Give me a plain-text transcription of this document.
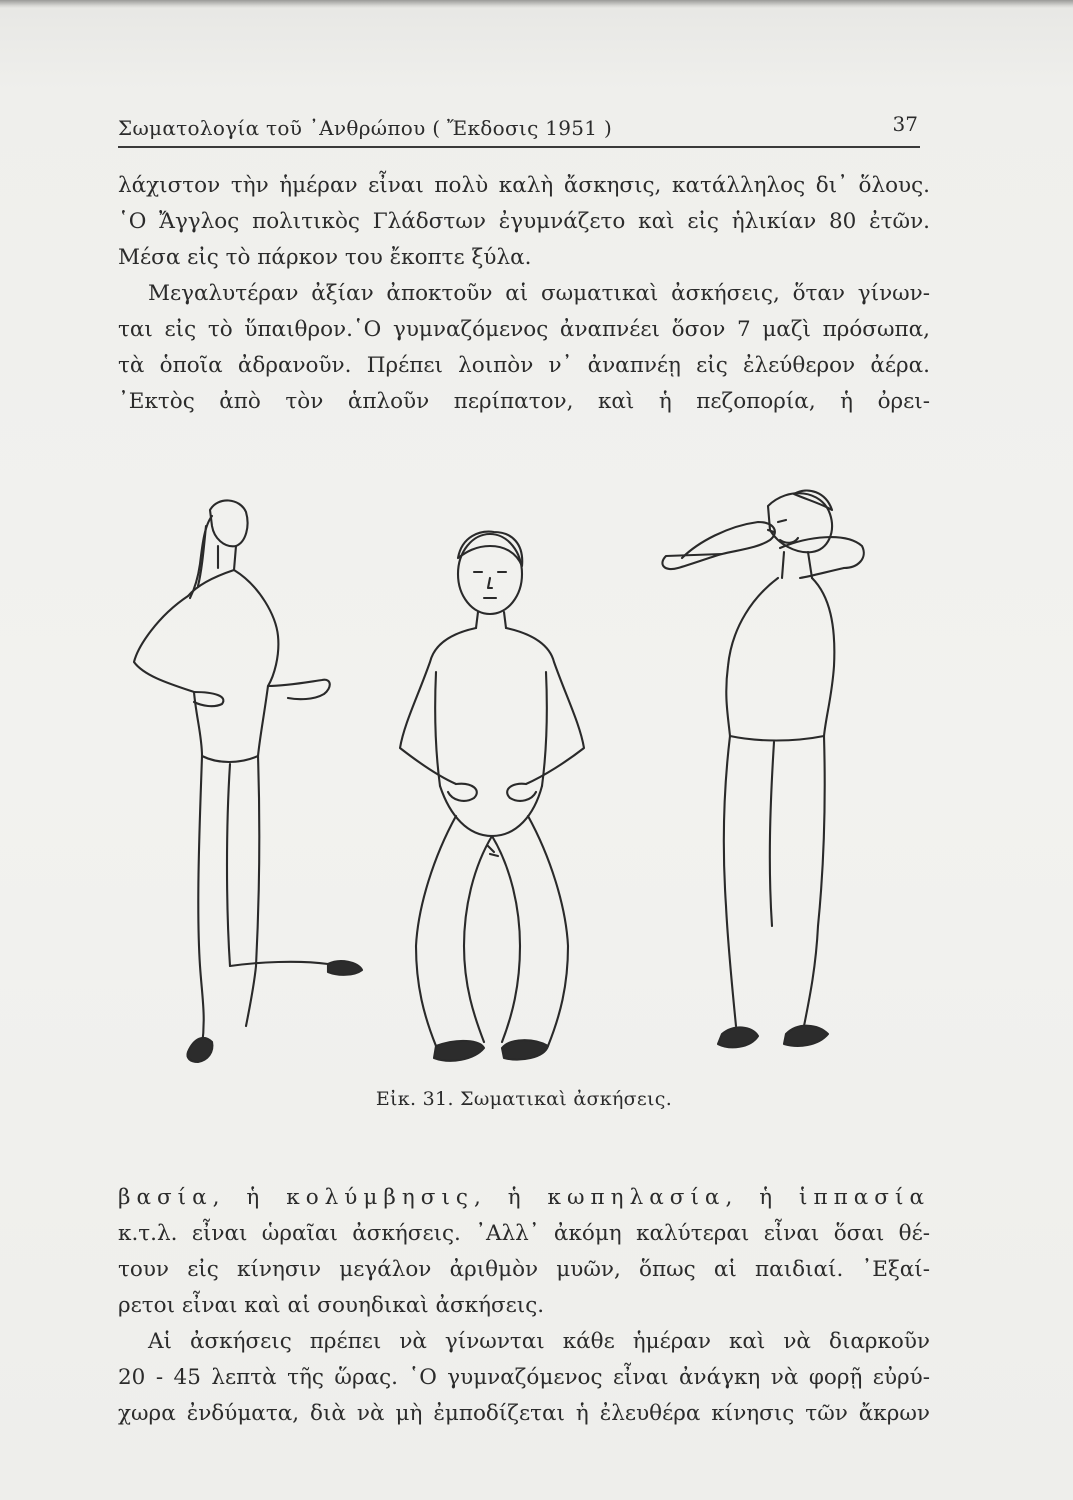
Σωματολογία τοῦ ᾿Ανθρώπου ( Ἔκδοσις 1951 )	37
λάχιστον τὴν ἡμέραν εἶναι πολὺ καλὴ ἄσκησις, κατάλληλος δι᾿ ὅλους.
῾Ο Ἄγγλος πολιτικὸς Γλάδστων ἐγυμνάζετο καὶ εἰς ἡλικίαν 80 ἐτῶν.
Μέσα εἰς τὸ πάρκον του ἔκοπτε ξύλα.
Μεγαλυτέραν ἀξίαν ἀποκτοῦν αἱ σωματικαὶ ἀσκήσεις, ὅταν γίνων-
ται εἰς τὸ ὕπαιθρον.῾Ο γυμναζόμενος ἀναπνέει ὅσον 7 μαζὶ πρόσωπα,
τὰ ὁποῖα ἀδρανοῦν. Πρέπει λοιπὸν ν᾿ ἀναπνέῃ εἰς ἐλεύθερον ἀέρα.
᾿Εκτὸς ἀπὸ τὸν ἁπλοῦν περίπατον, καὶ ἡ πεζοπορία, ἡ ὀρει-
Εἰκ. 31. Σωματικαὶ ἀσκήσεις.
βασία, ἡ κολύμβησις, ἡ κωπηλασία, ἡ ἱππασία
κ.τ.λ. εἶναι ὡραῖαι ἀσκήσεις. ᾿Αλλ᾿ ἀκόμη καλύτεραι εἶναι ὅσαι θέ-
τουν εἰς κίνησιν μεγάλον ἀριθμὸν μυῶν, ὅπως αἱ παιδιαί. ᾿Εξαί-
ρετοι εἶναι καὶ αἱ σουηδικαὶ ἀσκήσεις.
Αἱ ἀσκήσεις πρέπει νὰ γίνωνται κάθε ἡμέραν καὶ νὰ διαρκοῦν
20 - 45 λεπτὰ τῆς ὥρας. ῾Ο γυμναζόμενος εἶναι ἀνάγκη νὰ φορῇ εὐρύ-
χωρα ἐνδύματα, διὰ νὰ μὴ ἐμποδίζεται ἡ ἐλευθέρα κίνησις τῶν ἄκρων
